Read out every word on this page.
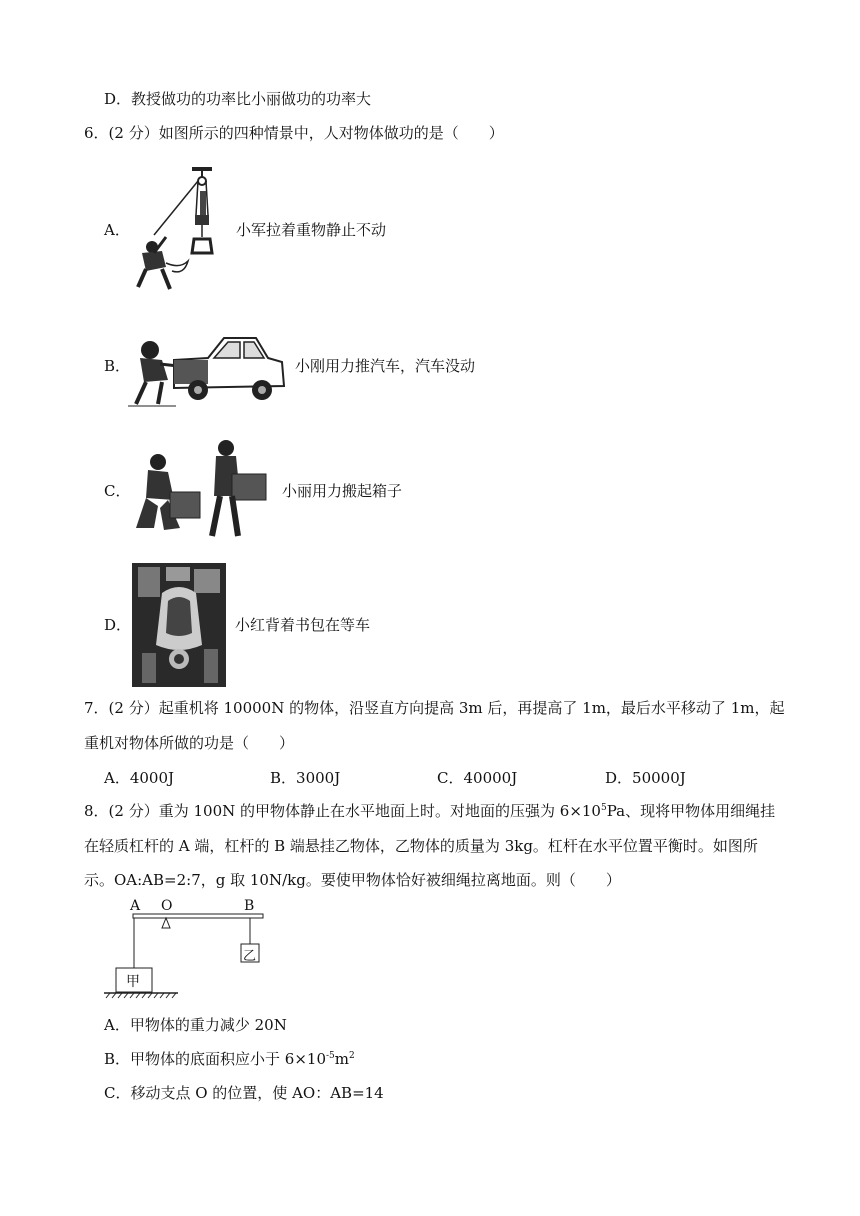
D．教授做功的功率比小丽做功的功率大
6．(2 分）如图所示的四种情景中，人对物体做功的是（　　）
A．	小军拉着重物静止不动
B．	小刚用力推汽车，汽车没动
C．	小丽用力搬起箱子
D．	小红背着书包在等车
7．(2 分）起重机将 10000N 的物体，沿竖直方向提高 3m 后，再提高了 1m，最后水平移动了 1m，起
重机对物体所做的功是（　　）
A．4000J	B．3000J	C．40000J	D．50000J
8．(2 分）重为 100N 的甲物体静止在水平地面上时。对地面的压强为 $6\times 10^5Pa$、现将甲物体用细绳挂
在轻质杠杆的 A 端，杠杆的 B 端悬挂乙物体，乙物体的质量为 3kg。杠杆在水平位置平衡时。如图所
示。OA:AB=2:7，g 取 10N/kg。要使甲物体恰好被细绳拉离地面。则（　　）
A O	B
甲
乙
A．甲物体的重力减少 20N
B．甲物体的底面积应小于 $6\times 10^{-5}m^2$
C．移动支点 O 的位置，使 AO：AB=14
